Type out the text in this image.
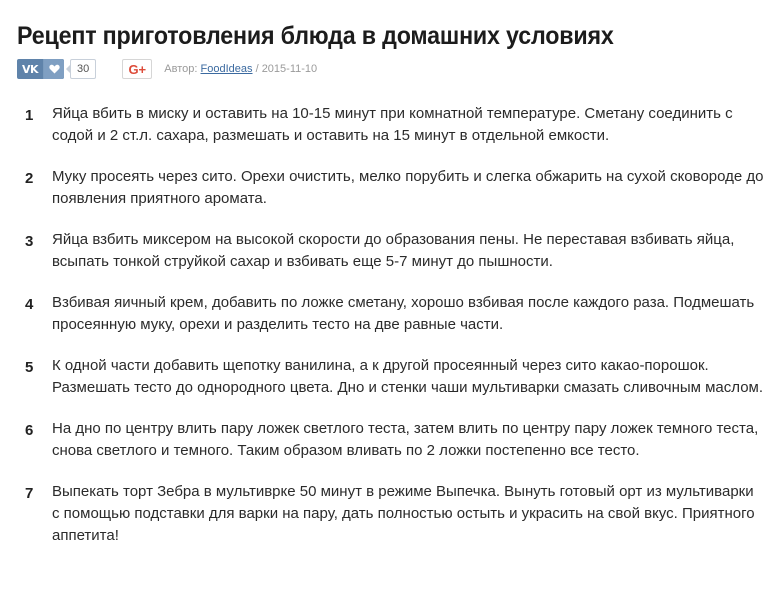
Рецепт приготовления блюда в домашних условиях
VK	30	G+	Автор: FoodIdeas / 2015-11-10
1	Яйца вбить в миску и оставить на 10-15 минут при комнатной температуре. Сметану соединить с содой и 2 ст.л. сахара, размешать и оставить на 15 минут в отдельной емкости.
2	Муку просеять через сито. Орехи очистить, мелко порубить и слегка обжарить на сухой сковороде до появления приятного аромата.
3	Яйца взбить миксером на высокой скорости до образования пены. Не переставая взбивать яйца, всыпать тонкой струйкой сахар и взбивать еще 5-7 минут до пышности.
4	Взбивая яичный крем, добавить по ложке сметану, хорошо взбивая после каждого раза. Подмешать просеянную муку, орехи и разделить тесто на две равные части.
5	К одной части добавить щепотку ванилина, а к другой просеянный через сито какао-порошок. Размешать тесто до однородного цвета. Дно и стенки чаши мультиварки смазать сливочным маслом.
6	На дно по центру влить пару ложек светлого теста, затем влить по центру пару ложек темного теста, снова светлого и темного. Таким образом вливать по 2 ложки постепенно все тесто.
7	Выпекать торт Зебра в мультиврке 50 минут в режиме Выпечка. Вынуть готовый орт из мультиварки с помощью подставки для варки на пару, дать полностью остыть и украсить на свой вкус. Приятного аппетита!
